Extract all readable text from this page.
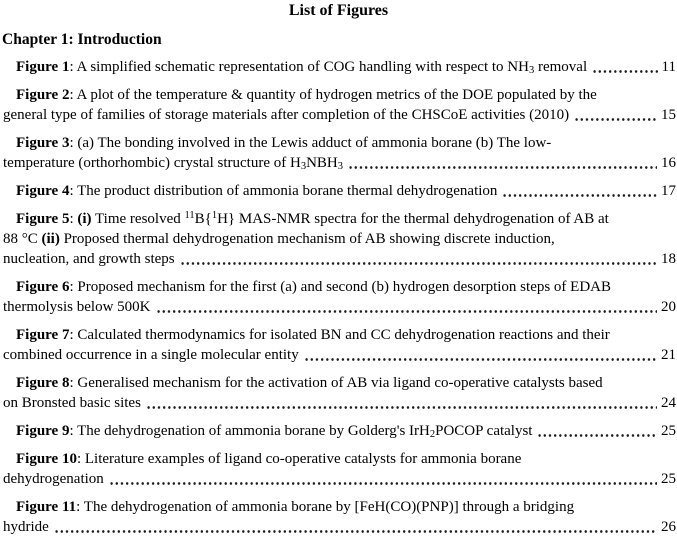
List of Figures
Chapter 1: Introduction
Figure 1: A simplified schematic representation of COG handling with respect to $NH_3$ removal	11
Figure 2: A plot of the temperature & quantity of hydrogen metrics of the DOE populated by the
general type of families of storage materials after completion of the CHSCoE activities (2010)	15
Figure 3: (a) The bonding involved in the Lewis adduct of ammonia borane (b) The low-
temperature (orthorhombic) crystal structure of $H_3NBH_3$	16
Figure 4: The product distribution of ammonia borane thermal dehydrogenation	17
Figure 5: (i) Time resolved $^{11}$B{$^1$H} MAS-NMR spectra for the thermal dehydrogenation of AB at
88 °C (ii) Proposed thermal dehydrogenation mechanism of AB showing discrete induction,
nucleation, and growth steps	18
Figure 6: Proposed mechanism for the first (a) and second (b) hydrogen desorption steps of EDAB
thermolysis below 500K	20
Figure 7: Calculated thermodynamics for isolated BN and CC dehydrogenation reactions and their
combined occurrence in a single molecular entity	21
Figure 8: Generalised mechanism for the activation of AB via ligand co-operative catalysts based
on Bronsted basic sites	24
Figure 9: The dehydrogenation of ammonia borane by Golderg's IrH$_2$POCOP catalyst	25
Figure 10: Literature examples of ligand co-operative catalysts for ammonia borane
dehydrogenation	25
Figure 11: The dehydrogenation of ammonia borane by [FeH(CO)(PNP)] through a bridging
hydride	26
